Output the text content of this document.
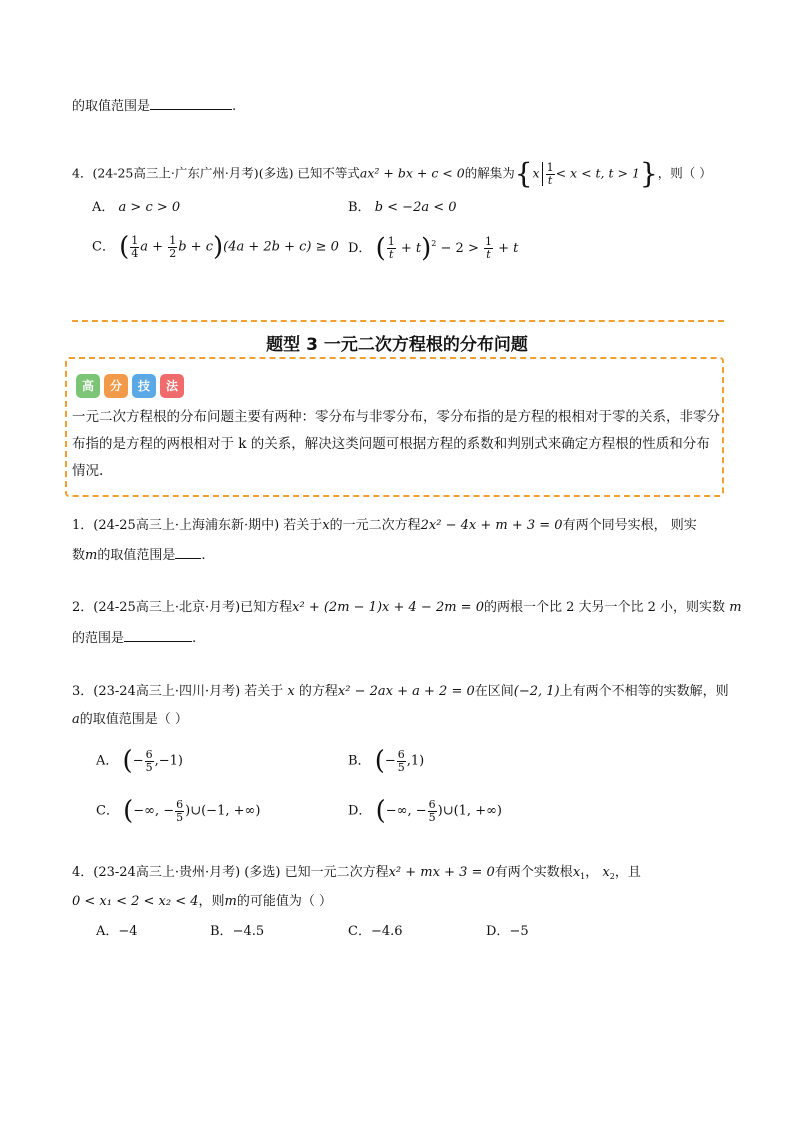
的取值范围是	.
4．(24-25高三上·广东广州·月考)(多选) 已知不等式ax² + bx + c < 0的解集为{$x \frac{1}{t} < x < t$, t > 1}，则（ ）
A． a > c > 0	B． b < −2a < 0
C． ( $\frac{1}{4}$ $a + \frac{1}{2}$ b + c)(4a + 2b + c) ≥ 0 D． ( $\frac{1}{t} + t)^2 - 2 > \frac{1}{t} + t$
题型 3 一元二次方程根的分布问题
高	分	技	法
一元二次方程根的分布问题主要有两种：零分布与非零分布，零分布指的是方程的根相对于零的关系，非零分布指的是方程的两根相对于 k 的关系，解决这类问题可根据方程的系数和判别式来确定方程根的性质和分布情况.
1．(24-25高三上·上海浦东新·期中) 若关于x的一元二次方程2x² − 4x + m + 3 = 0有两个同号实根， 则实
数m的取值范围是 .
2．(24-25高三上·北京·月考)已知方程x² + (2m − 1)x + 4 − 2m = 0的两根一个比 2 大另一个比 2 小，则实数 m
的范围是	.
3．(23-24高三上·四川·月考) 若关于 x 的方程x² − 2ax + a + 2 = 0在区间(−2, 1)上有两个不相等的实数解，则
a的取值范围是（ ）
A． (− $\frac{6}{5} ,-1$)	B． (− $\frac{6}{5} ,1$)
C． (−∞, − $\frac{6}{5}$ )∪(−1, +∞)	D． (−∞, − $\frac{6}{5}$ )∪(1, +∞)
4．(23-24高三上·贵州·月考) (多选) 已知一元二次方程x² + mx + 3 = 0有两个实数根$x_1$， $x_2$，且
0 < x₁ < 2 < x₂ < 4，则m的可能值为（ ）
A．−4	B．−4.5	C．−4.6	D．−5
